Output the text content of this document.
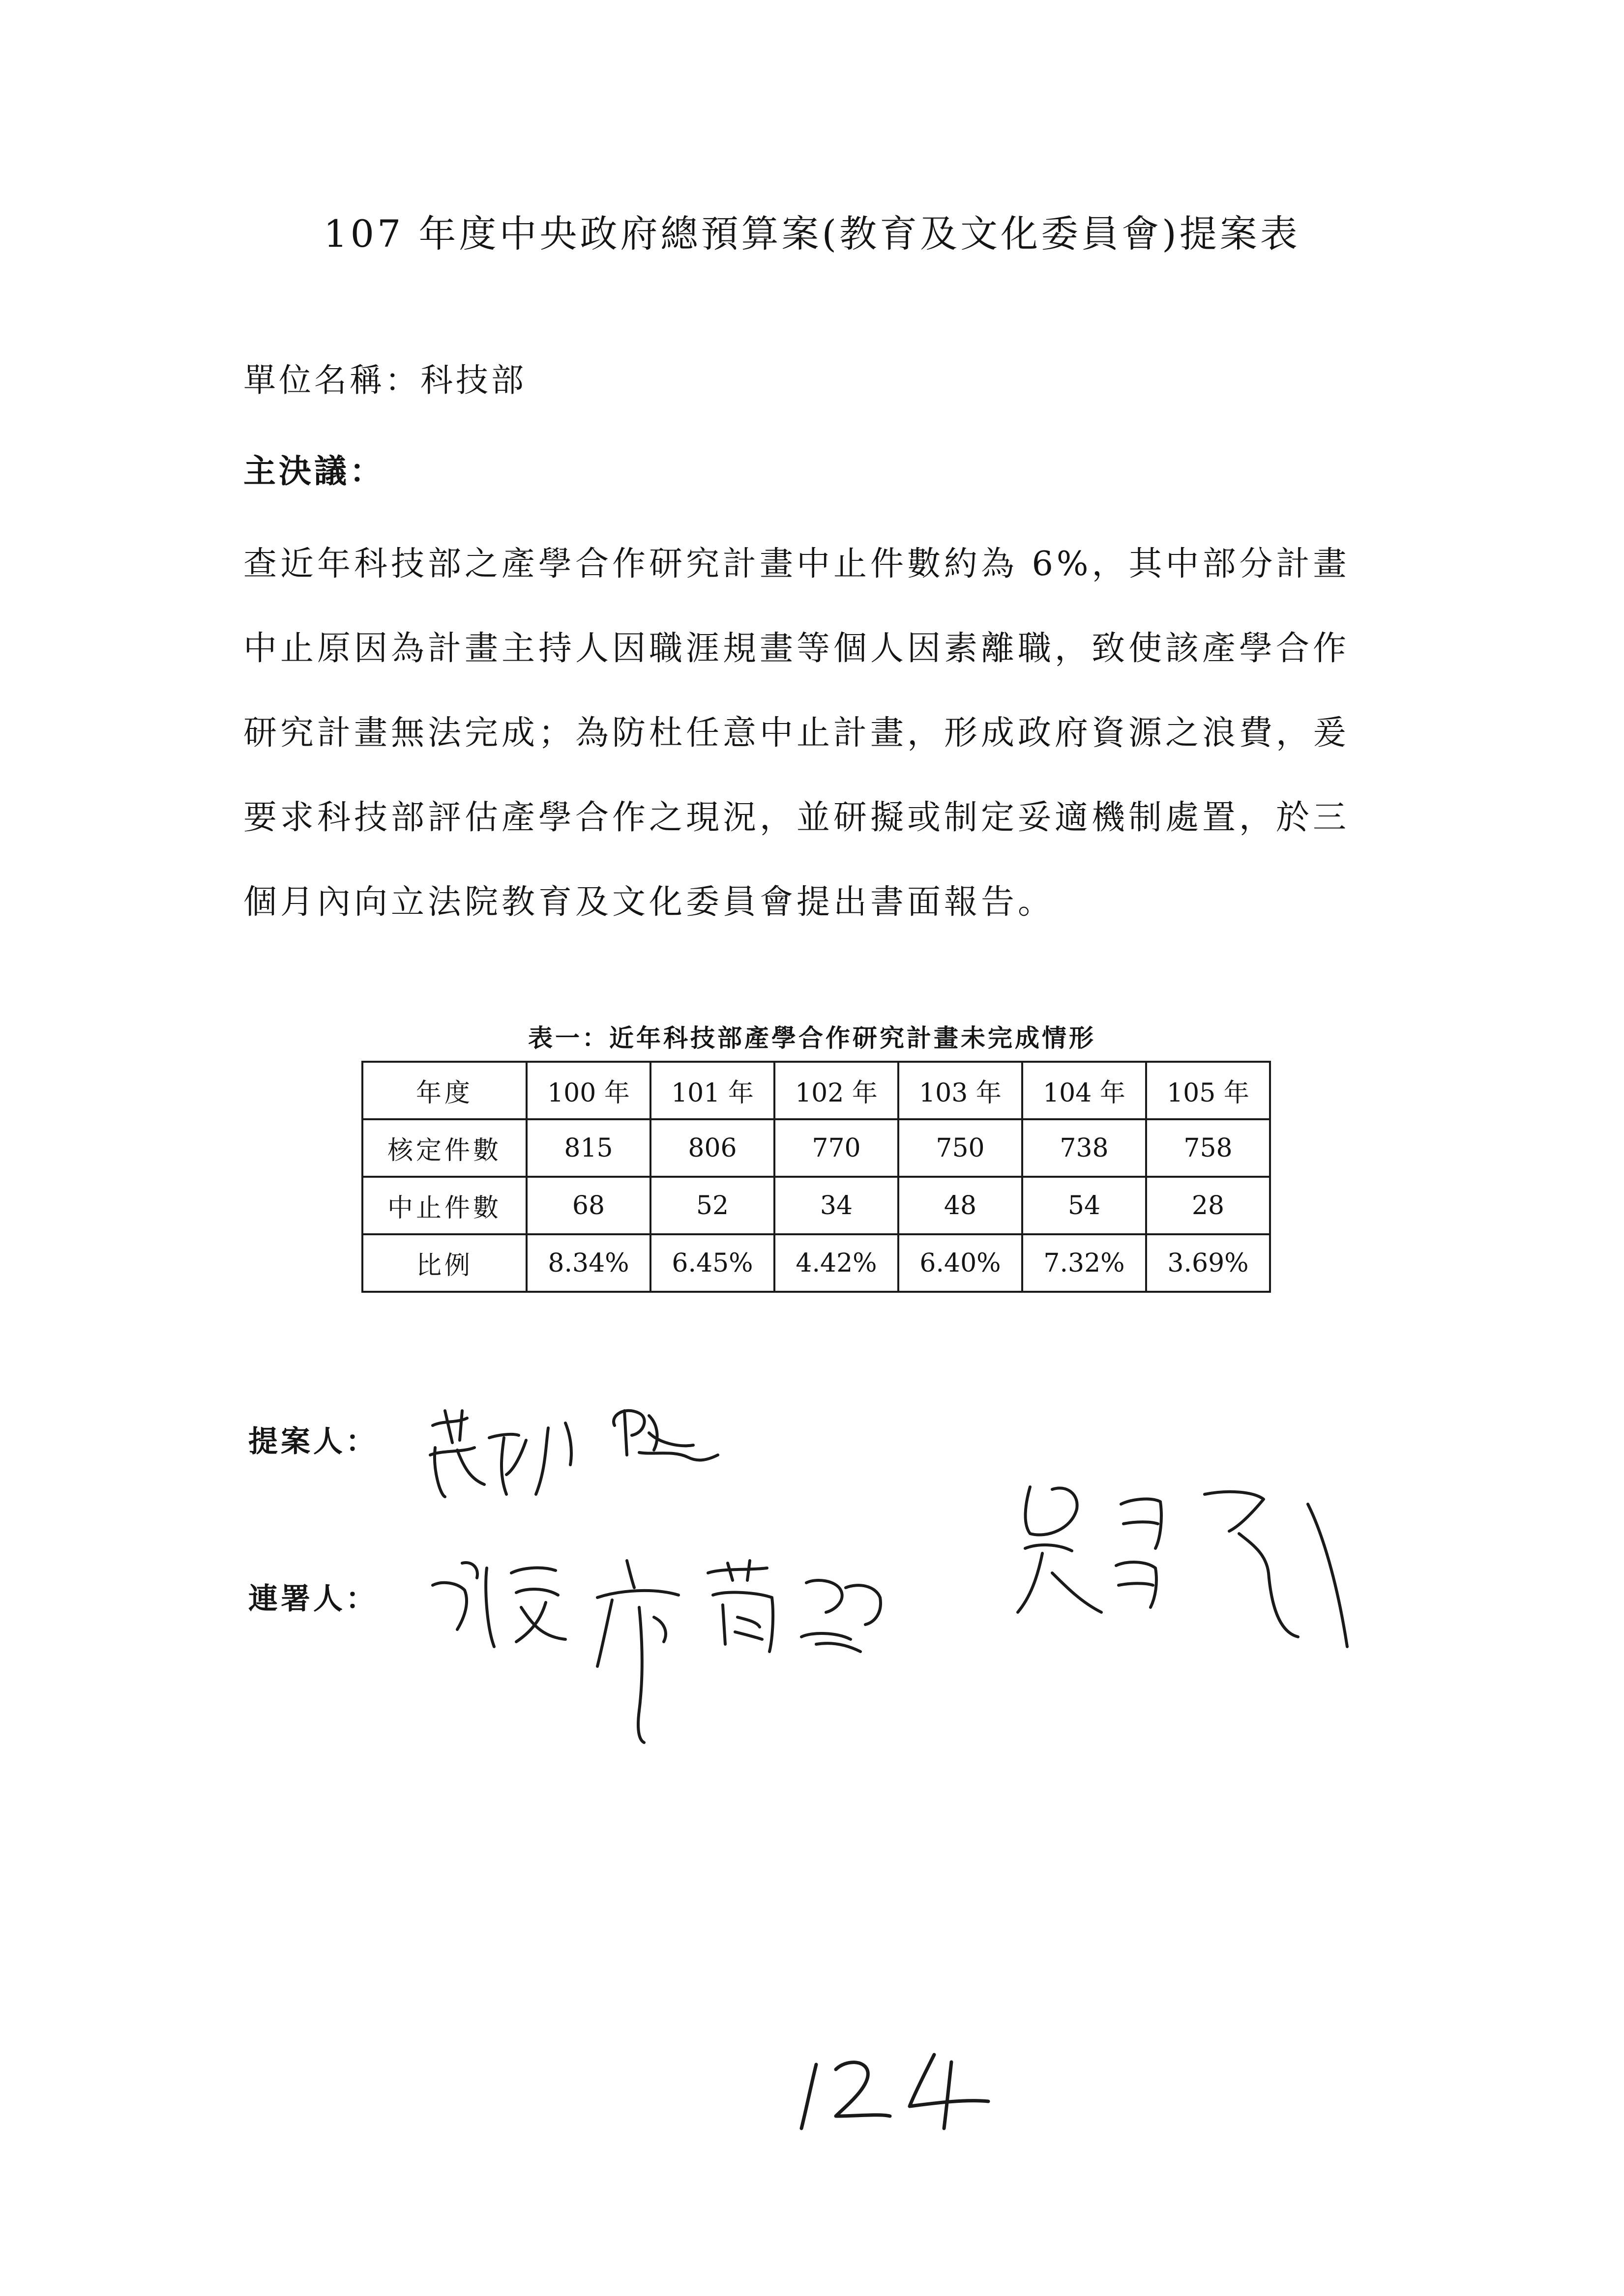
107 年度中央政府總預算案(教育及文化委員會)提案表
單位名稱：科技部
主決議：
查近年科技部之產學合作研究計畫中止件數約為 6%，其中部分計畫
中止原因為計畫主持人因職涯規畫等個人因素離職，致使該產學合作
研究計畫無法完成；為防杜任意中止計畫，形成政府資源之浪費，爰
要求科技部評估產學合作之現況，並研擬或制定妥適機制處置，於三
個月內向立法院教育及文化委員會提出書面報告。
表一：近年科技部產學合作研究計畫未完成情形
年度	100 年	101 年	102 年	103 年	104 年	105 年
核定件數	815	806	770	750	738	758
中止件數	68	52	34	48	54	28
比例	8.34%	6.45%	4.42%	6.40%	7.32%	3.69%
提案人：
連署人：
